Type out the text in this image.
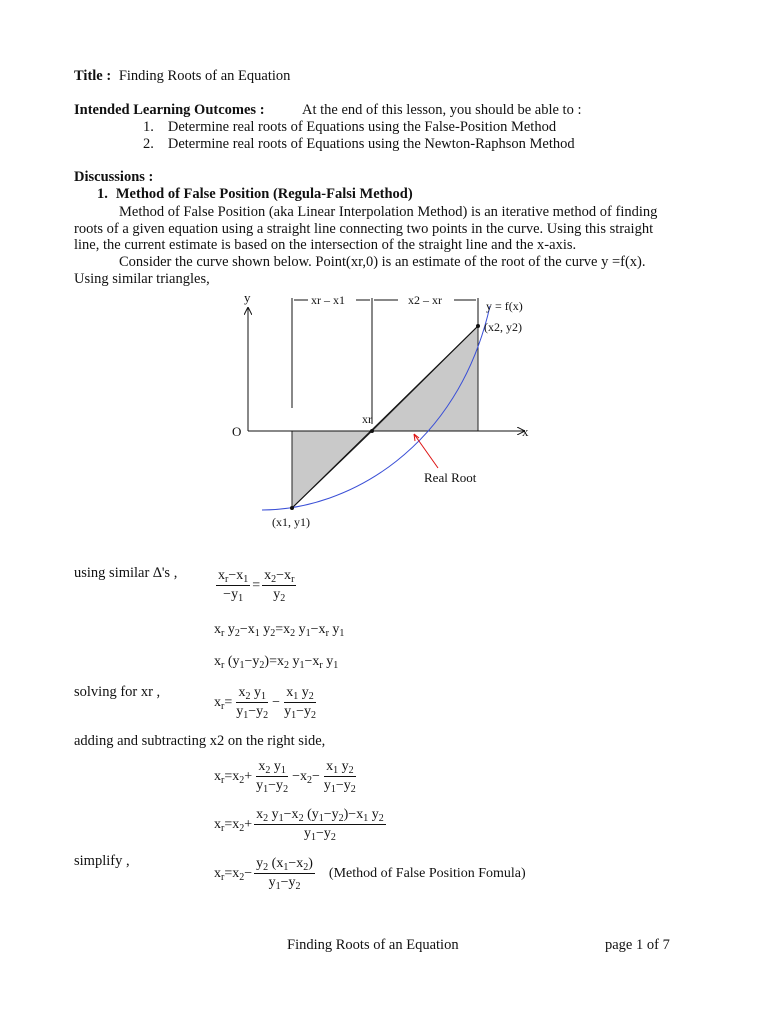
Title : Finding Roots of an Equation
Intended Learning Outcomes :	At the end of this lesson, you should be able to :
1. Determine real roots of Equations using the False-Position Method
2. Determine real roots of Equations using the Newton-Raphson Method
Discussions :
1. Method of False Position (Regula-Falsi Method)
Method of False Position (aka Linear Interpolation Method) is an iterative method of finding
roots of a given equation using a straight line connecting two points in the curve. Using this straight
line, the current estimate is based on the intersection of the straight line and the x-axis.
Consider the curve shown below. Point(xr,0) is an estimate of the root of the curve y =f(x).
Using similar triangles,
y
x
O
y = f(x)
(x2, y2)
(x1, y1)
xr
Real Root
xr – x1	x2 – xr
using similar ∆'s ,	$\frac{x_r-x_1}{-y_1} = \frac{x_2-x_r}{y_2}$
$x_r$ $y_2-x_1$ $y_2=x_2$ $y_1-x_r$ $y_1$
$x_r$ $(y_1-y_2)=x_2$ $y_1-x_r$ $y_1$
solving for xr ,
$x_r= \frac{x_2 y_1}{y_1-y_2} - \frac{x_1 y_2}{y_1-y_2}$
adding and subtracting x2 on the right side,
$x_r=x_2+ \frac{x_2 y_1}{y_1-y_2} -x_2- \frac{x_1 y_2}{y_1-y_2}$
$x_r=x_2+ \frac{x_2 y_1-x_2 (y_1-y_2)-x_1 y_2}{y_1-y_2}$
simplify ,
$x_r=x_2- \frac{y_2 (x_1-x_2)}{y_1-y_2}$ (Method of False Position Fomula)
Finding Roots of an Equation	page 1 of 7
